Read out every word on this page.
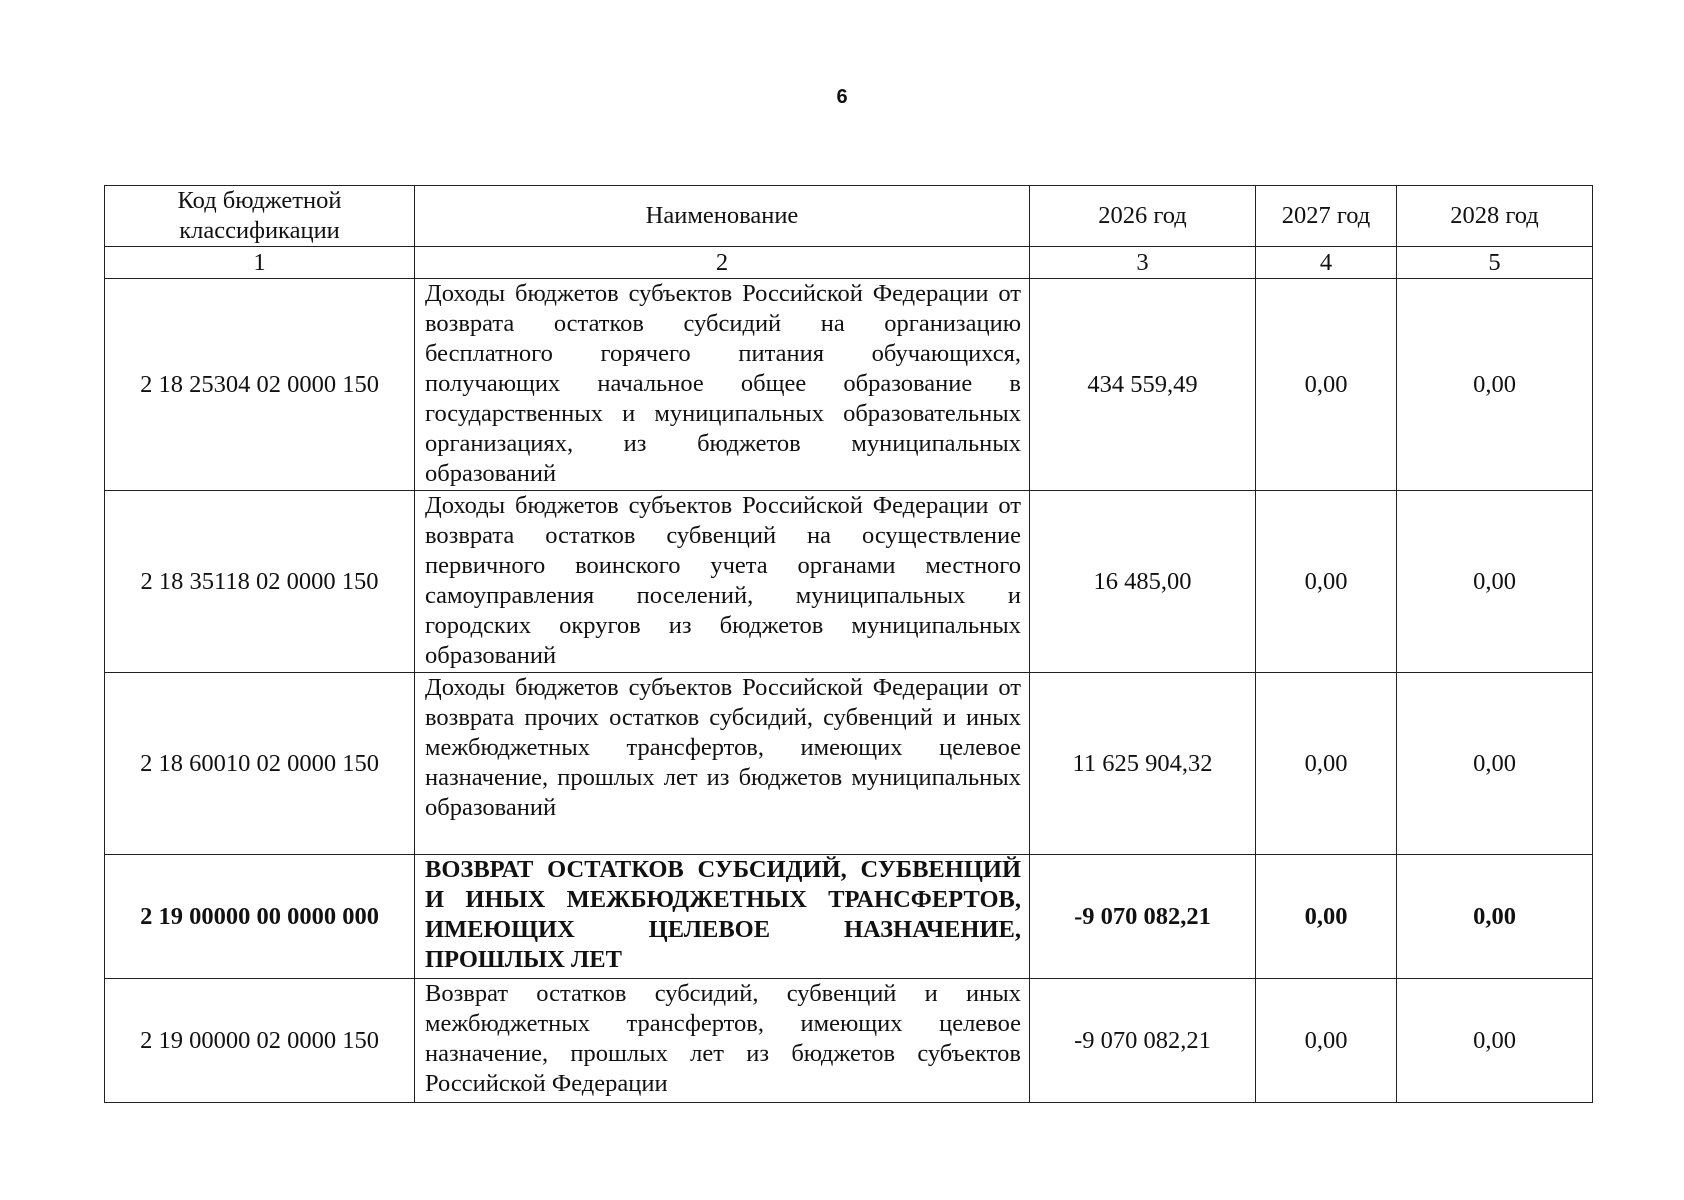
6
Код бюджетной классификации	Наименование	2026 год	2027 год	2028 год
1	2	3	4	5
2 18 25304 02 0000 150	Доходы бюджетов субъектов Российской Федерации от возврата остатков субсидий на организацию бесплатного горячего питания обучающихся, получающих начальное общее образование в государственных и муниципальных образовательных организациях, из бюджетов муниципальных образований	434 559,49	0,00	0,00
2 18 35118 02 0000 150	Доходы бюджетов субъектов Российской Федерации от возврата остатков субвенций на осуществление первичного воинского учета органами местного самоуправления поселений, муниципальных и городских округов из бюджетов муниципальных образований	16 485,00	0,00	0,00
2 18 60010 02 0000 150	Доходы бюджетов субъектов Российской Федерации от возврата прочих остатков субсидий, субвенций и иных межбюджетных трансфертов, имеющих целевое назначение, прошлых лет из бюджетов муниципальных образований	11 625 904,32	0,00	0,00
2 19 00000 00 0000 000	ВОЗВРАТ ОСТАТКОВ СУБСИДИЙ, СУБВЕНЦИЙ И ИНЫХ МЕЖБЮДЖЕТНЫХ ТРАНСФЕРТОВ, ИМЕЮЩИХ ЦЕЛЕВОЕ НАЗНАЧЕНИЕ, ПРОШЛЫХ ЛЕТ	-9 070 082,21	0,00	0,00
2 19 00000 02 0000 150	Возврат остатков субсидий, субвенций и иных межбюджетных трансфертов, имеющих целевое назначение, прошлых лет из бюджетов субъектов Российской Федерации	-9 070 082,21	0,00	0,00
